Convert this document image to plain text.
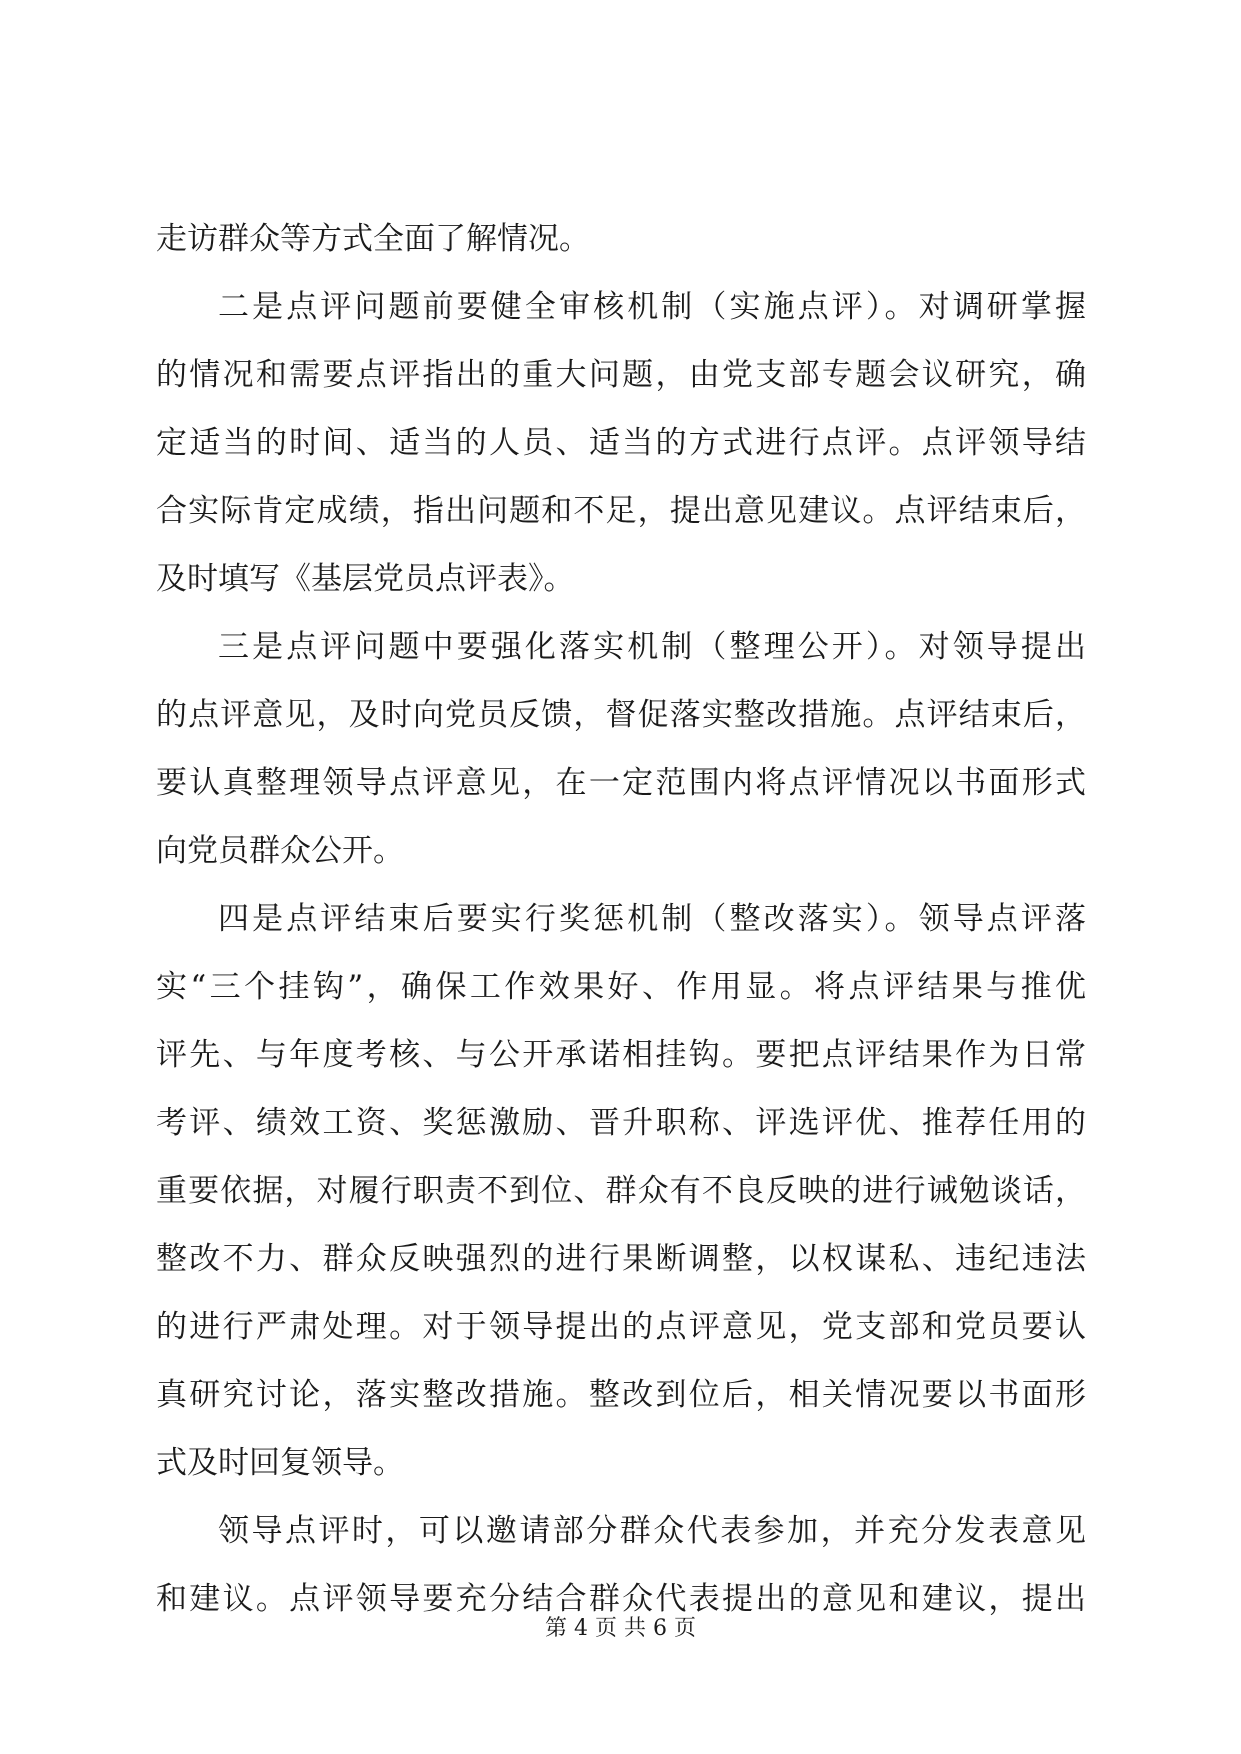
走访群众等方式全面了解情况。
二是点评问题前要健全审核机制（实施点评）。对调研掌握
的情况和需要点评指出的重大问题，由党支部专题会议研究，确
定适当的时间、适当的人员、适当的方式进行点评。点评领导结
合实际肯定成绩，指出问题和不足，提出意见建议。点评结束后，
及时填写《基层党员点评表》。
三是点评问题中要强化落实机制（整理公开）。对领导提出
的点评意见，及时向党员反馈，督促落实整改措施。点评结束后，
要认真整理领导点评意见，在一定范围内将点评情况以书面形式
向党员群众公开。
四是点评结束后要实行奖惩机制（整改落实）。领导点评落
实“三个挂钩”，确保工作效果好、作用显。将点评结果与推优
评先、与年度考核、与公开承诺相挂钩。要把点评结果作为日常
考评、绩效工资、奖惩激励、晋升职称、评选评优、推荐任用的
重要依据，对履行职责不到位、群众有不良反映的进行诫勉谈话，
整改不力、群众反映强烈的进行果断调整，以权谋私、违纪违法
的进行严肃处理。对于领导提出的点评意见，党支部和党员要认
真研究讨论，落实整改措施。整改到位后，相关情况要以书面形
式及时回复领导。
领导点评时，可以邀请部分群众代表参加，并充分发表意见
和建议。点评领导要充分结合群众代表提出的意见和建议，提出
第 4 页 共 6 页
